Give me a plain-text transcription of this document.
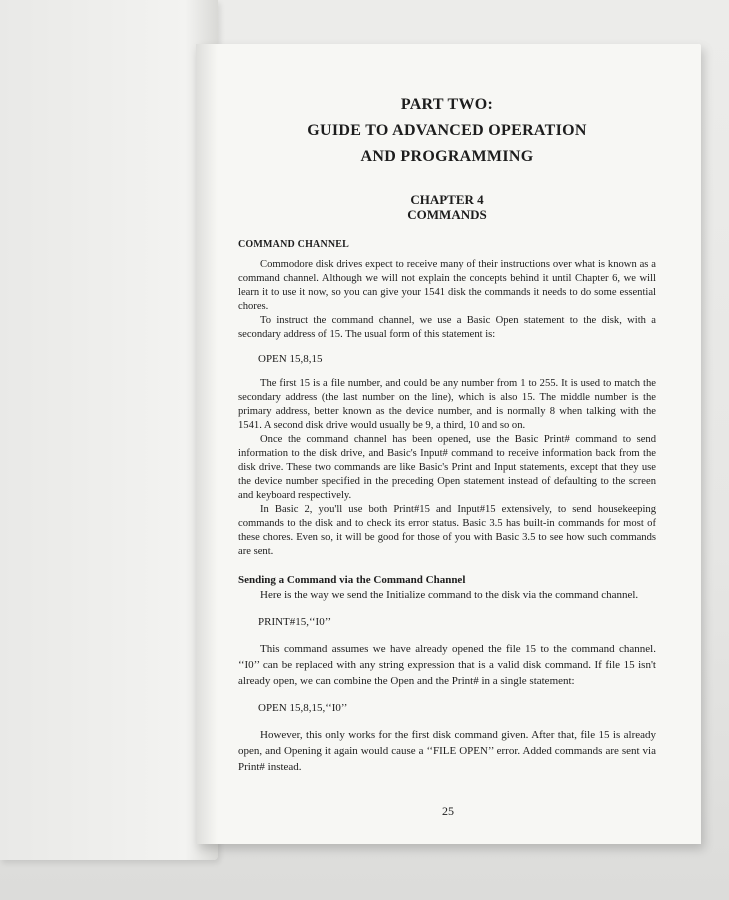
PART TWO:
GUIDE TO ADVANCED OPERATION
AND PROGRAMMING
CHAPTER 4
COMMANDS
COMMAND CHANNEL

Commodore disk drives expect to receive many of their instructions over what is known as a command channel. Although we will not explain the concepts behind it until Chapter 6, we will learn it to use it now, so you can give your 1541 disk the commands it needs to do some essential chores.

To instruct the command channel, we use a Basic Open statement to the disk, with a secondary address of 15. The usual form of this statement is:

OPEN 15,8,15

The first 15 is a file number, and could be any number from 1 to 255. It is used to match the secondary address (the last number on the line), which is also 15. The middle number is the primary address, better known as the device number, and is normally 8 when talking with the 1541. A second disk drive would usually be 9, a third, 10 and so on.

Once the command channel has been opened, use the Basic Print# command to send information to the disk drive, and Basic's Input# command to receive information back from the disk drive. These two commands are like Basic's Print and Input statements, except that they use the device number specified in the preceding Open statement instead of defaulting to the screen and keyboard respectively.

In Basic 2, you'll use both Print#15 and Input#15 extensively, to send housekeeping commands to the disk and to check its error status. Basic 3.5 has built-in commands for most of these chores. Even so, it will be good for those of you with Basic 3.5 to see how such commands are sent.

Sending a Command via the Command Channel

Here is the way we send the Initialize command to the disk via the command channel.

PRINT#15,‘‘I0’’

This command assumes we have already opened the file 15 to the command channel. ‘‘I0’’ can be replaced with any string expression that is a valid disk command. If file 15 isn't already open, we can combine the Open and the Print# in a single statement:

OPEN 15,8,15,‘‘I0’’

However, this only works for the first disk command given. After that, file 15 is already open, and Opening it again would cause a ‘‘FILE OPEN’’ error. Added commands are sent via Print# instead.

25
